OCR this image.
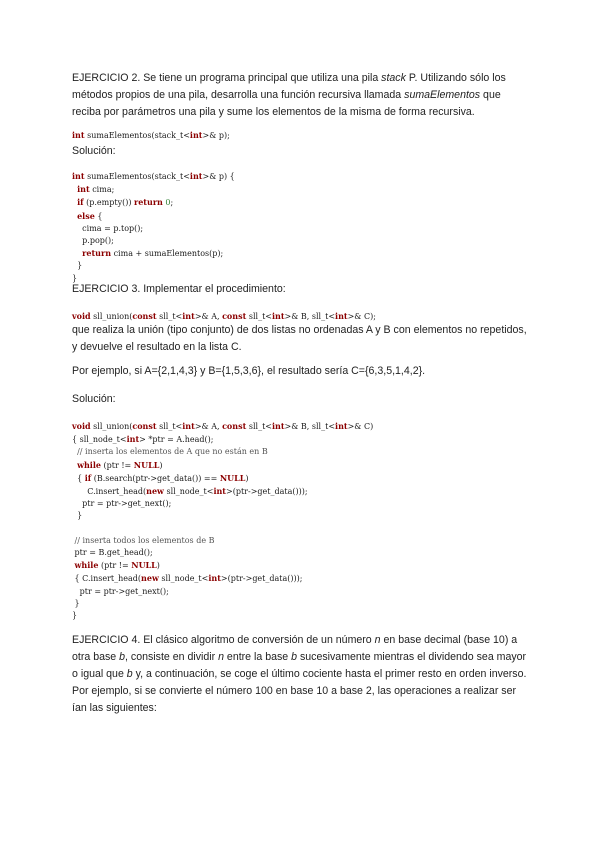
EJERCICIO 2. Se tiene un programa principal que utiliza una pila stack P. Utilizando sólo los métodos propios de una pila, desarrolla una función recursiva llamada sumaElementos que reciba por parámetros una pila y sume los elementos de la misma de forma recursiva.
int sumaElementos(stack_t<int>& p);
Solución:
int sumaElementos(stack_t<int>& p) {
int cima;
if (p.empty()) return 0;
else {
cima = p.top();
p.pop();
return cima + sumaElementos(p);
}
}
EJERCICIO 3. Implementar el procedimiento:
void sll_union(const sll_t<int>& A, const sll_t<int>& B, sll_t<int>& C);
que realiza la unión (tipo conjunto) de dos listas no ordenadas A y B con elementos no repetidos, y devuelve el resultado en la lista C.
Por ejemplo, si A={2,1,4,3} y B={1,5,3,6}, el resultado sería C={6,3,5,1,4,2}.
Solución:
void sll_union(const sll_t<int>& A, const sll_t<int>& B, sll_t<int>& C)
{ sll_node_t<int> *ptr = A.head();
// inserta los elementos de A que no están en B
while (ptr != NULL)
{ if (B.search(ptr->get_data()) == NULL)
C.insert_head(new sll_node_t<int>(ptr->get_data()));
ptr = ptr->get_next();
}

// inserta todos los elementos de B
ptr = B.get_head();
while (ptr != NULL)
{ C.insert_head(new sll_node_t<int>(ptr->get_data()));
ptr = ptr->get_next();
}
}
EJERCICIO 4. El clásico algoritmo de conversión de un número n en base decimal (base 10) a otra base b, consiste en dividir n entre la base b sucesivamente mientras el dividendo sea mayor o igual que b y, a continuación, se coge el último cociente hasta el primer resto en orden inverso. Por ejemplo, si se convierte el número 100 en base 10 a base 2, las operaciones a realizar ser ían las siguientes:
